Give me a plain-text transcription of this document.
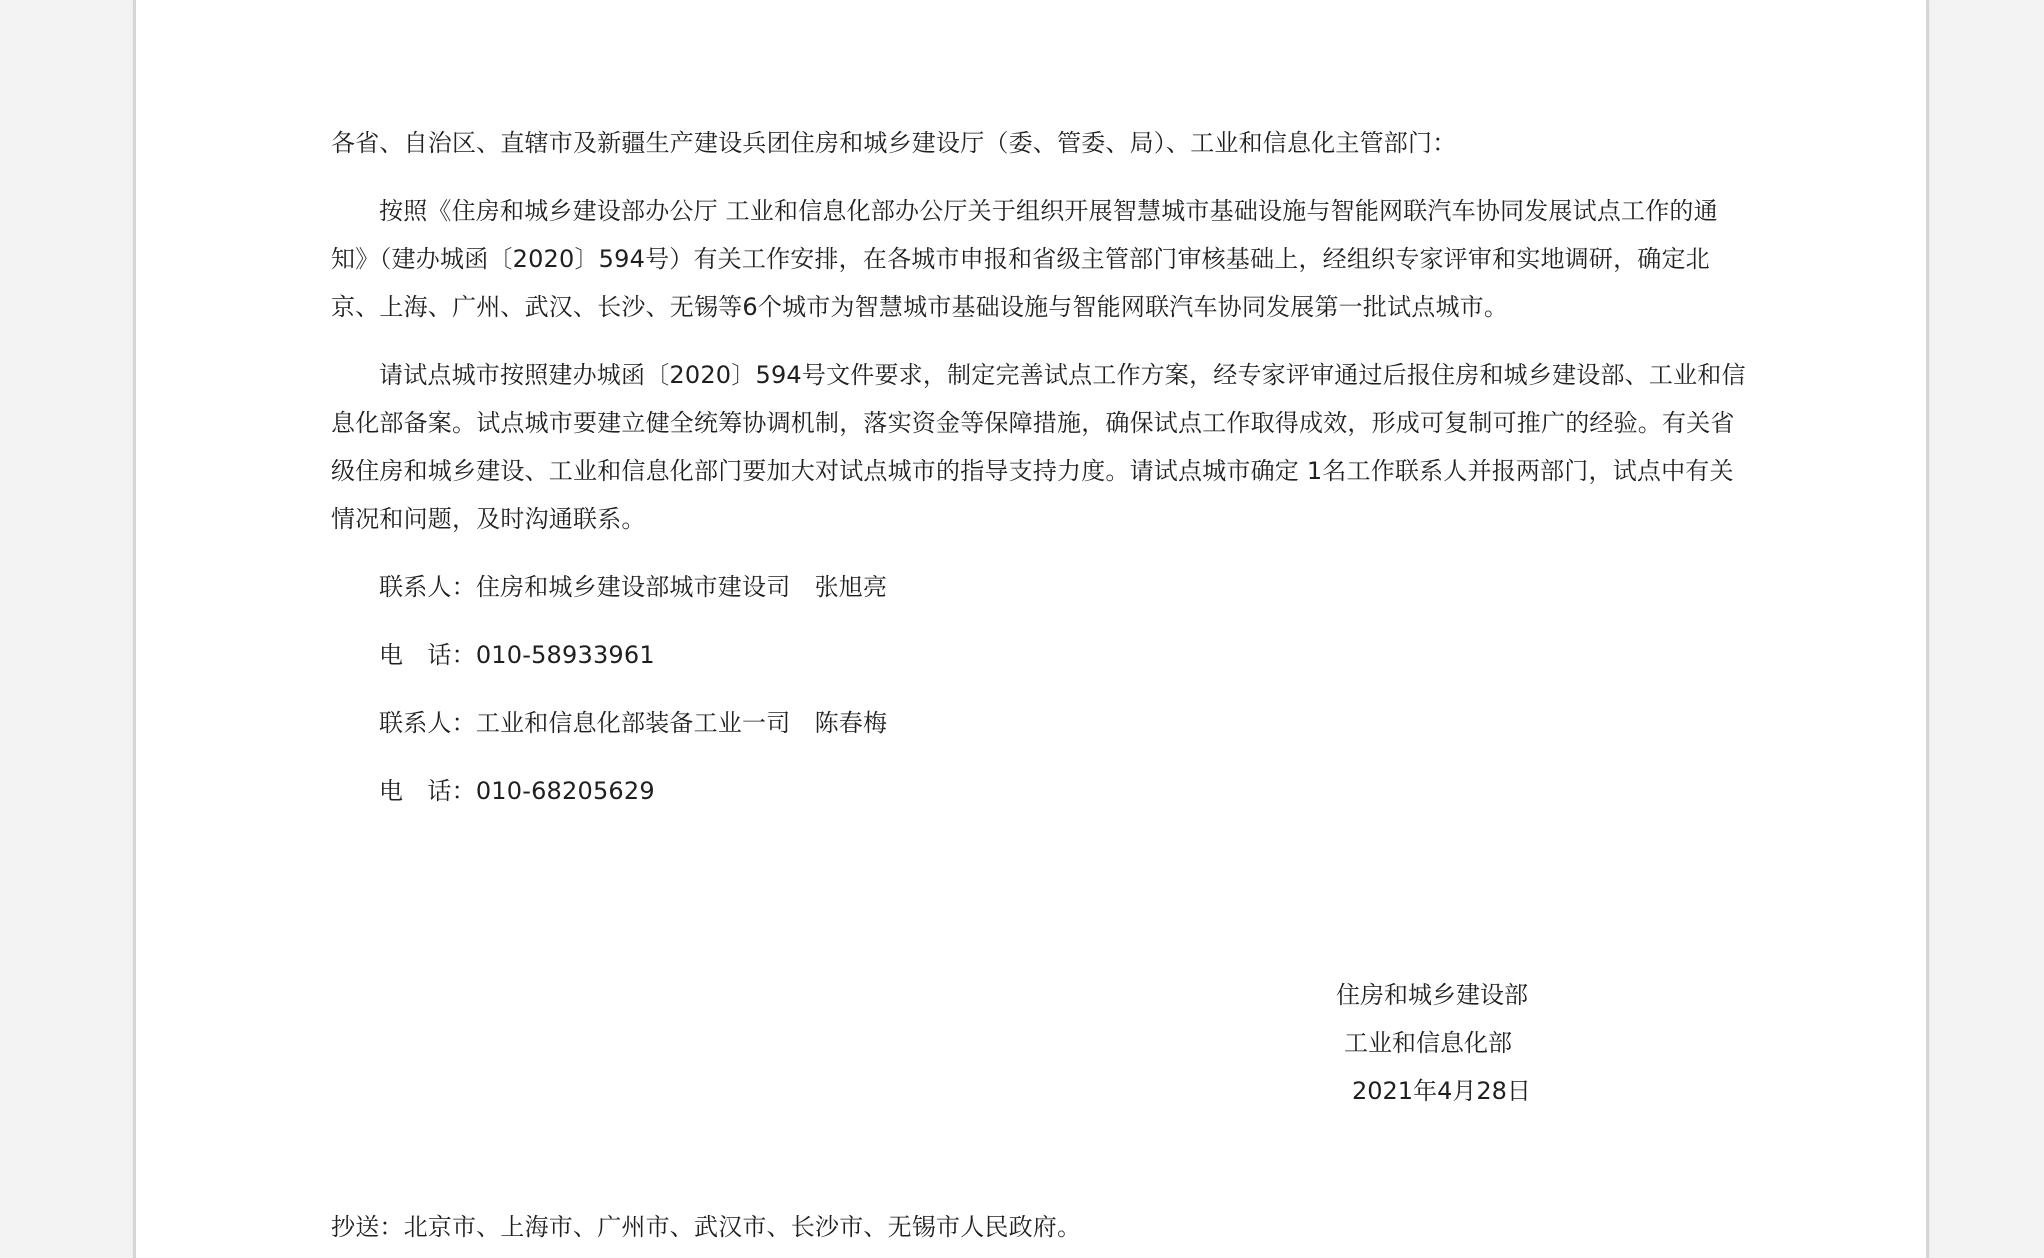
各省、自治区、直辖市及新疆生产建设兵团住房和城乡建设厅（委、管委、局）、工业和信息化主管部门：
按照《住房和城乡建设部办公厅 工业和信息化部办公厅关于组织开展智慧城市基础设施与智能网联汽车协同发展试点工作的通
知》（建办城函〔2020〕594号）有关工作安排，在各城市申报和省级主管部门审核基础上，经组织专家评审和实地调研，确定北
京、上海、广州、武汉、长沙、无锡等6个城市为智慧城市基础设施与智能网联汽车协同发展第一批试点城市。
请试点城市按照建办城函〔2020〕594号文件要求，制定完善试点工作方案，经专家评审通过后报住房和城乡建设部、工业和信
息化部备案。试点城市要建立健全统筹协调机制，落实资金等保障措施，确保试点工作取得成效，形成可复制可推广的经验。有关省
级住房和城乡建设、工业和信息化部门要加大对试点城市的指导支持力度。请试点城市确定 1名工作联系人并报两部门，试点中有关
情况和问题，及时沟通联系。
联系人：住房和城乡建设部城市建设司　张旭亮
电　话：010-58933961
联系人：工业和信息化部装备工业一司　陈春梅
电　话：010-68205629
住房和城乡建设部
工业和信息化部
2021年4月28日
抄送：北京市、上海市、广州市、武汉市、长沙市、无锡市人民政府。
